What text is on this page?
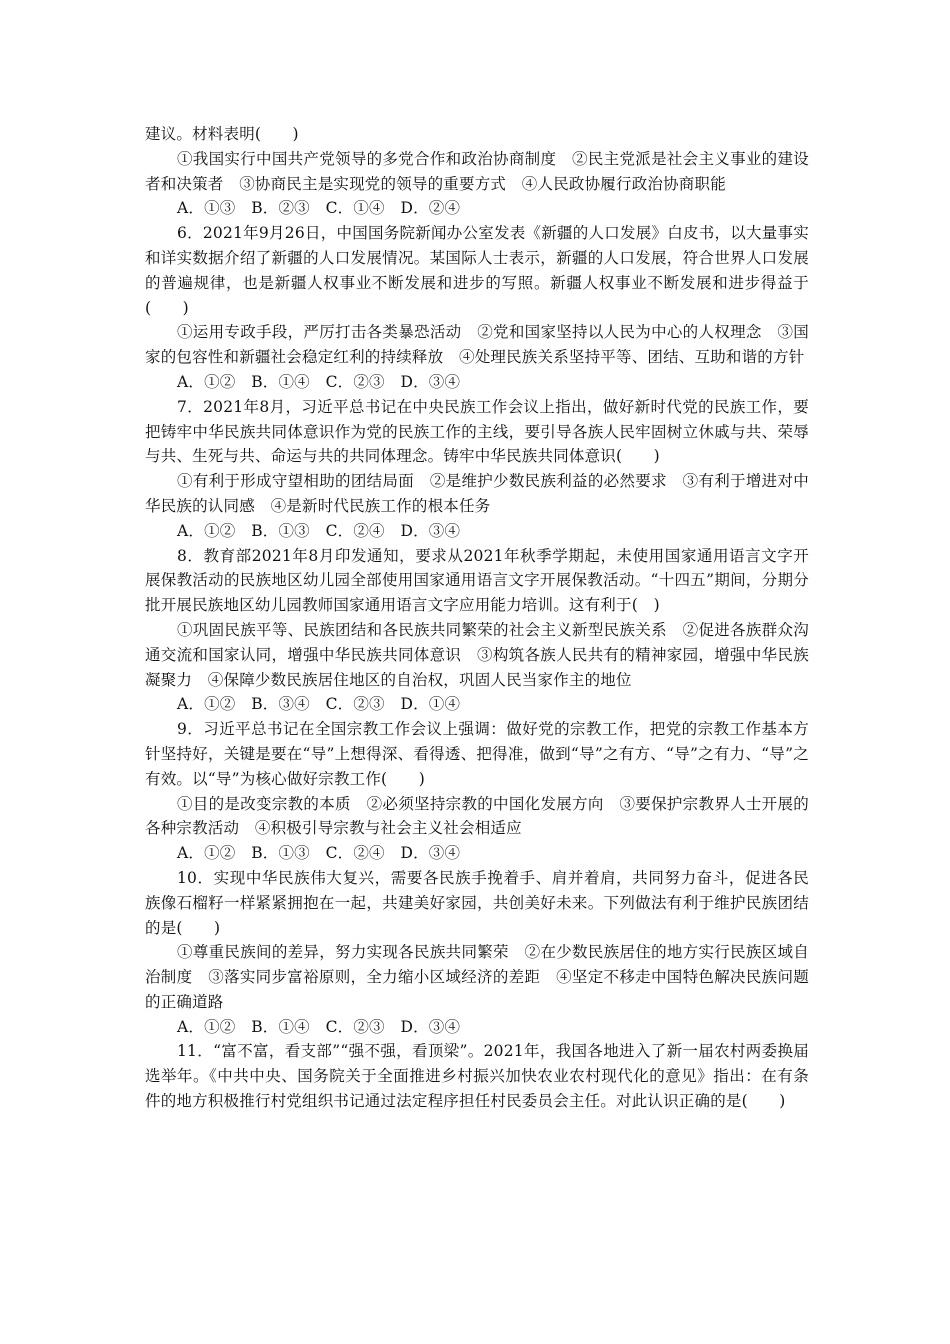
建议。材料表明(　　)

①我国实行中国共产党领导的多党合作和政治协商制度　②民主党派是社会主义事业的建设者和决策者　③协商民主是实现党的领导的重要方式　④人民政协履行政治协商职能

A．①③　B．②③　C．①④　D．②④

6．2021年9月26日，中国国务院新闻办公室发表《新疆的人口发展》白皮书，以大量事实和详实数据介绍了新疆的人口发展情况。某国际人士表示，新疆的人口发展，符合世界人口发展的普遍规律，也是新疆人权事业不断发展和进步的写照。新疆人权事业不断发展和进步得益于(　　)

①运用专政手段，严厉打击各类暴恐活动　②党和国家坚持以人民为中心的人权理念　③国家的包容性和新疆社会稳定红利的持续释放　④处理民族关系坚持平等、团结、互助和谐的方针

A．①②　B．①④　C．②③　D．③④

7．2021年8月，习近平总书记在中央民族工作会议上指出，做好新时代党的民族工作，要把铸牢中华民族共同体意识作为党的民族工作的主线，要引导各族人民牢固树立休戚与共、荣辱与共、生死与共、命运与共的共同体理念。铸牢中华民族共同体意识(　　)

①有利于形成守望相助的团结局面　②是维护少数民族利益的必然要求　③有利于增进对中华民族的认同感　④是新时代民族工作的根本任务

A．①②　B．①③　C．②④　D．③④

8．教育部2021年8月印发通知，要求从2021年秋季学期起，未使用国家通用语言文字开展保教活动的民族地区幼儿园全部使用国家通用语言文字开展保教活动。“十四五”期间，分期分批开展民族地区幼儿园教师国家通用语言文字应用能力培训。这有利于(　)

①巩固民族平等、民族团结和各民族共同繁荣的社会主义新型民族关系　②促进各族群众沟通交流和国家认同，增强中华民族共同体意识　③构筑各族人民共有的精神家园，增强中华民族凝聚力　④保障少数民族居住地区的自治权，巩固人民当家作主的地位

A．①②　B．③④　C．②③　D．①④

9．习近平总书记在全国宗教工作会议上强调：做好党的宗教工作，把党的宗教工作基本方针坚持好，关键是要在“导”上想得深、看得透、把得准，做到“导”之有方、“导”之有力、“导”之有效。以“导”为核心做好宗教工作(　　)

①目的是改变宗教的本质　②必须坚持宗教的中国化发展方向　③要保护宗教界人士开展的各种宗教活动　④积极引导宗教与社会主义社会相适应

A．①②　B．①③　C．②④　D．③④

10．实现中华民族伟大复兴，需要各民族手挽着手、肩并着肩，共同努力奋斗，促进各民族像石榴籽一样紧紧拥抱在一起，共建美好家园，共创美好未来。下列做法有利于维护民族团结的是(　　)

①尊重民族间的差异，努力实现各民族共同繁荣　②在少数民族居住的地方实行民族区域自治制度　③落实同步富裕原则，全力缩小区域经济的差距　④坚定不移走中国特色解决民族问题的正确道路

A．①②　B．①④　C．②③　D．③④

11．“富不富，看支部”“强不强，看顶梁”。2021年，我国各地进入了新一届农村两委换届选举年。《中共中央、国务院关于全面推进乡村振兴加快农业农村现代化的意见》指出：在有条件的地方积极推行村党组织书记通过法定程序担任村民委员会主任。对此认识正确的是(　　)
